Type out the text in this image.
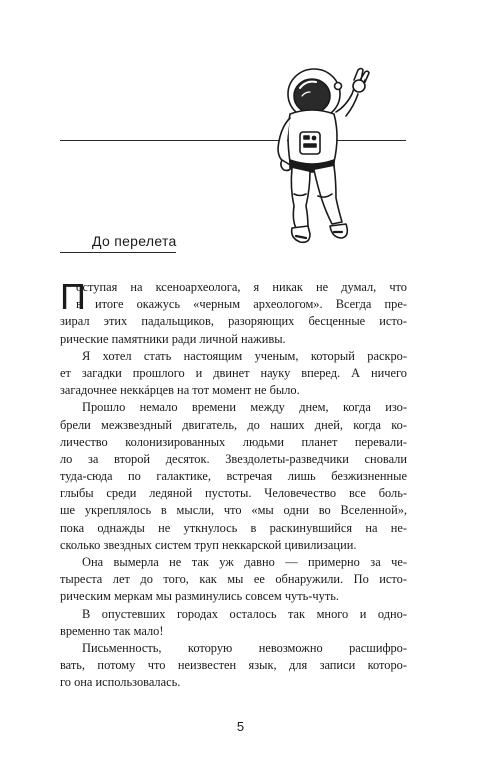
До перелета
П
оступая на ксеноархеолога, я никак не думал, что
в итоге окажусь «черным археологом». Всегда пре-
зирал этих падальщиков, разоряющих бесценные исто-
рические памятники ради личной наживы.
Я хотел стать настоящим ученым, который раскро-
ет загадки прошлого и двинет науку вперед. А ничего
загадочнее неккáрцев на тот момент не было.
Прошло немало времени между днем, когда изо-
брели межзвездный двигатель, до наших дней, когда ко-
личество колонизированных людьми планет перевали-
ло за второй десяток. Звездолеты-разведчики сновали
туда-сюда по галактике, встречая лишь безжизненные
глыбы среди ледяной пустоты. Человечество все боль-
ше укреплялось в мысли, что «мы одни во Вселенной»,
пока однажды не уткнулось в раскинувшийся на не-
сколько звездных систем труп неккарской цивилизации.
Она вымерла не так уж давно — примерно за че-
тыреста лет до того, как мы ее обнаружили. По исто-
рическим меркам мы разминулись совсем чуть-чуть.
В опустевших городах осталось так много и одно-
временно так мало!
Письменность, которую невозможно расшифро-
вать, потому что неизвестен язык, для записи которо-
го она использовалась.
5
